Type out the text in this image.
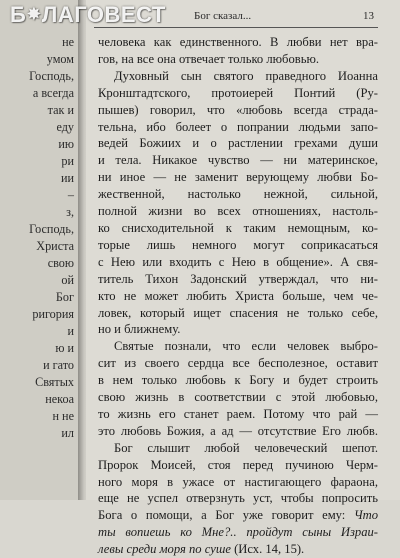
не
умом
Господь,
а всегда
так и
еду
ию
ри
ии
–
з,
Господь,
Христа
свою
ой
Бог
ригория
и
ю и
и гато
Святых
некоа
н не
ил
Б✸ЛАГОВЕСТ	Бог сказал...	13
человека как единственного. В любви нет вра-
гов, на все она отвечает только любовью.
Духовный сын святого праведного Иоанна
Кронштадтского, протоиерей Понтий (Ру-
пышев) говорил, что «любовь всегда страда-
тельна, ибо болеет о попрании людьми запо-
ведей Божиих и о растлении грехами души
и тела. Никакое чувство — ни материнское,
ни иное — не заменит верующему любви Бо-
жественной, настолько нежной, сильной,
полной жизни во всех отношениях, настоль-
ко снисходительной к таким немощным, ко-
торые лишь немного могут соприкасаться
с Нею или входить с Нею в общение». А свя-
титель Тихон Задонский утверждал, что ни-
кто не может любить Христа больше, чем че-
ловек, который ищет спасения не только себе,
но и ближнему.
Святые познали, что если человек выбро-
сит из своего сердца все бесполезное, оставит
в нем только любовь к Богу и будет строить
свою жизнь в соответствии с этой любовью,
то жизнь его станет раем. Потому что рай —
это любовь Божия, а ад — отсутствие Его любв.
Бог слышит любой человеческий шепот.
Пророк Моисей, стоя перед пучиною Черм-
ного моря в ужасе от настигающего фараона,
еще не успел отверзнуть уст, чтобы попросить
Бога о помощи, а Бог уже говорит ему: Что
ты вопиешь ко Мне?.. пройдут сыны Израи-
левы среди моря по суше (Исх. 14, 15).
